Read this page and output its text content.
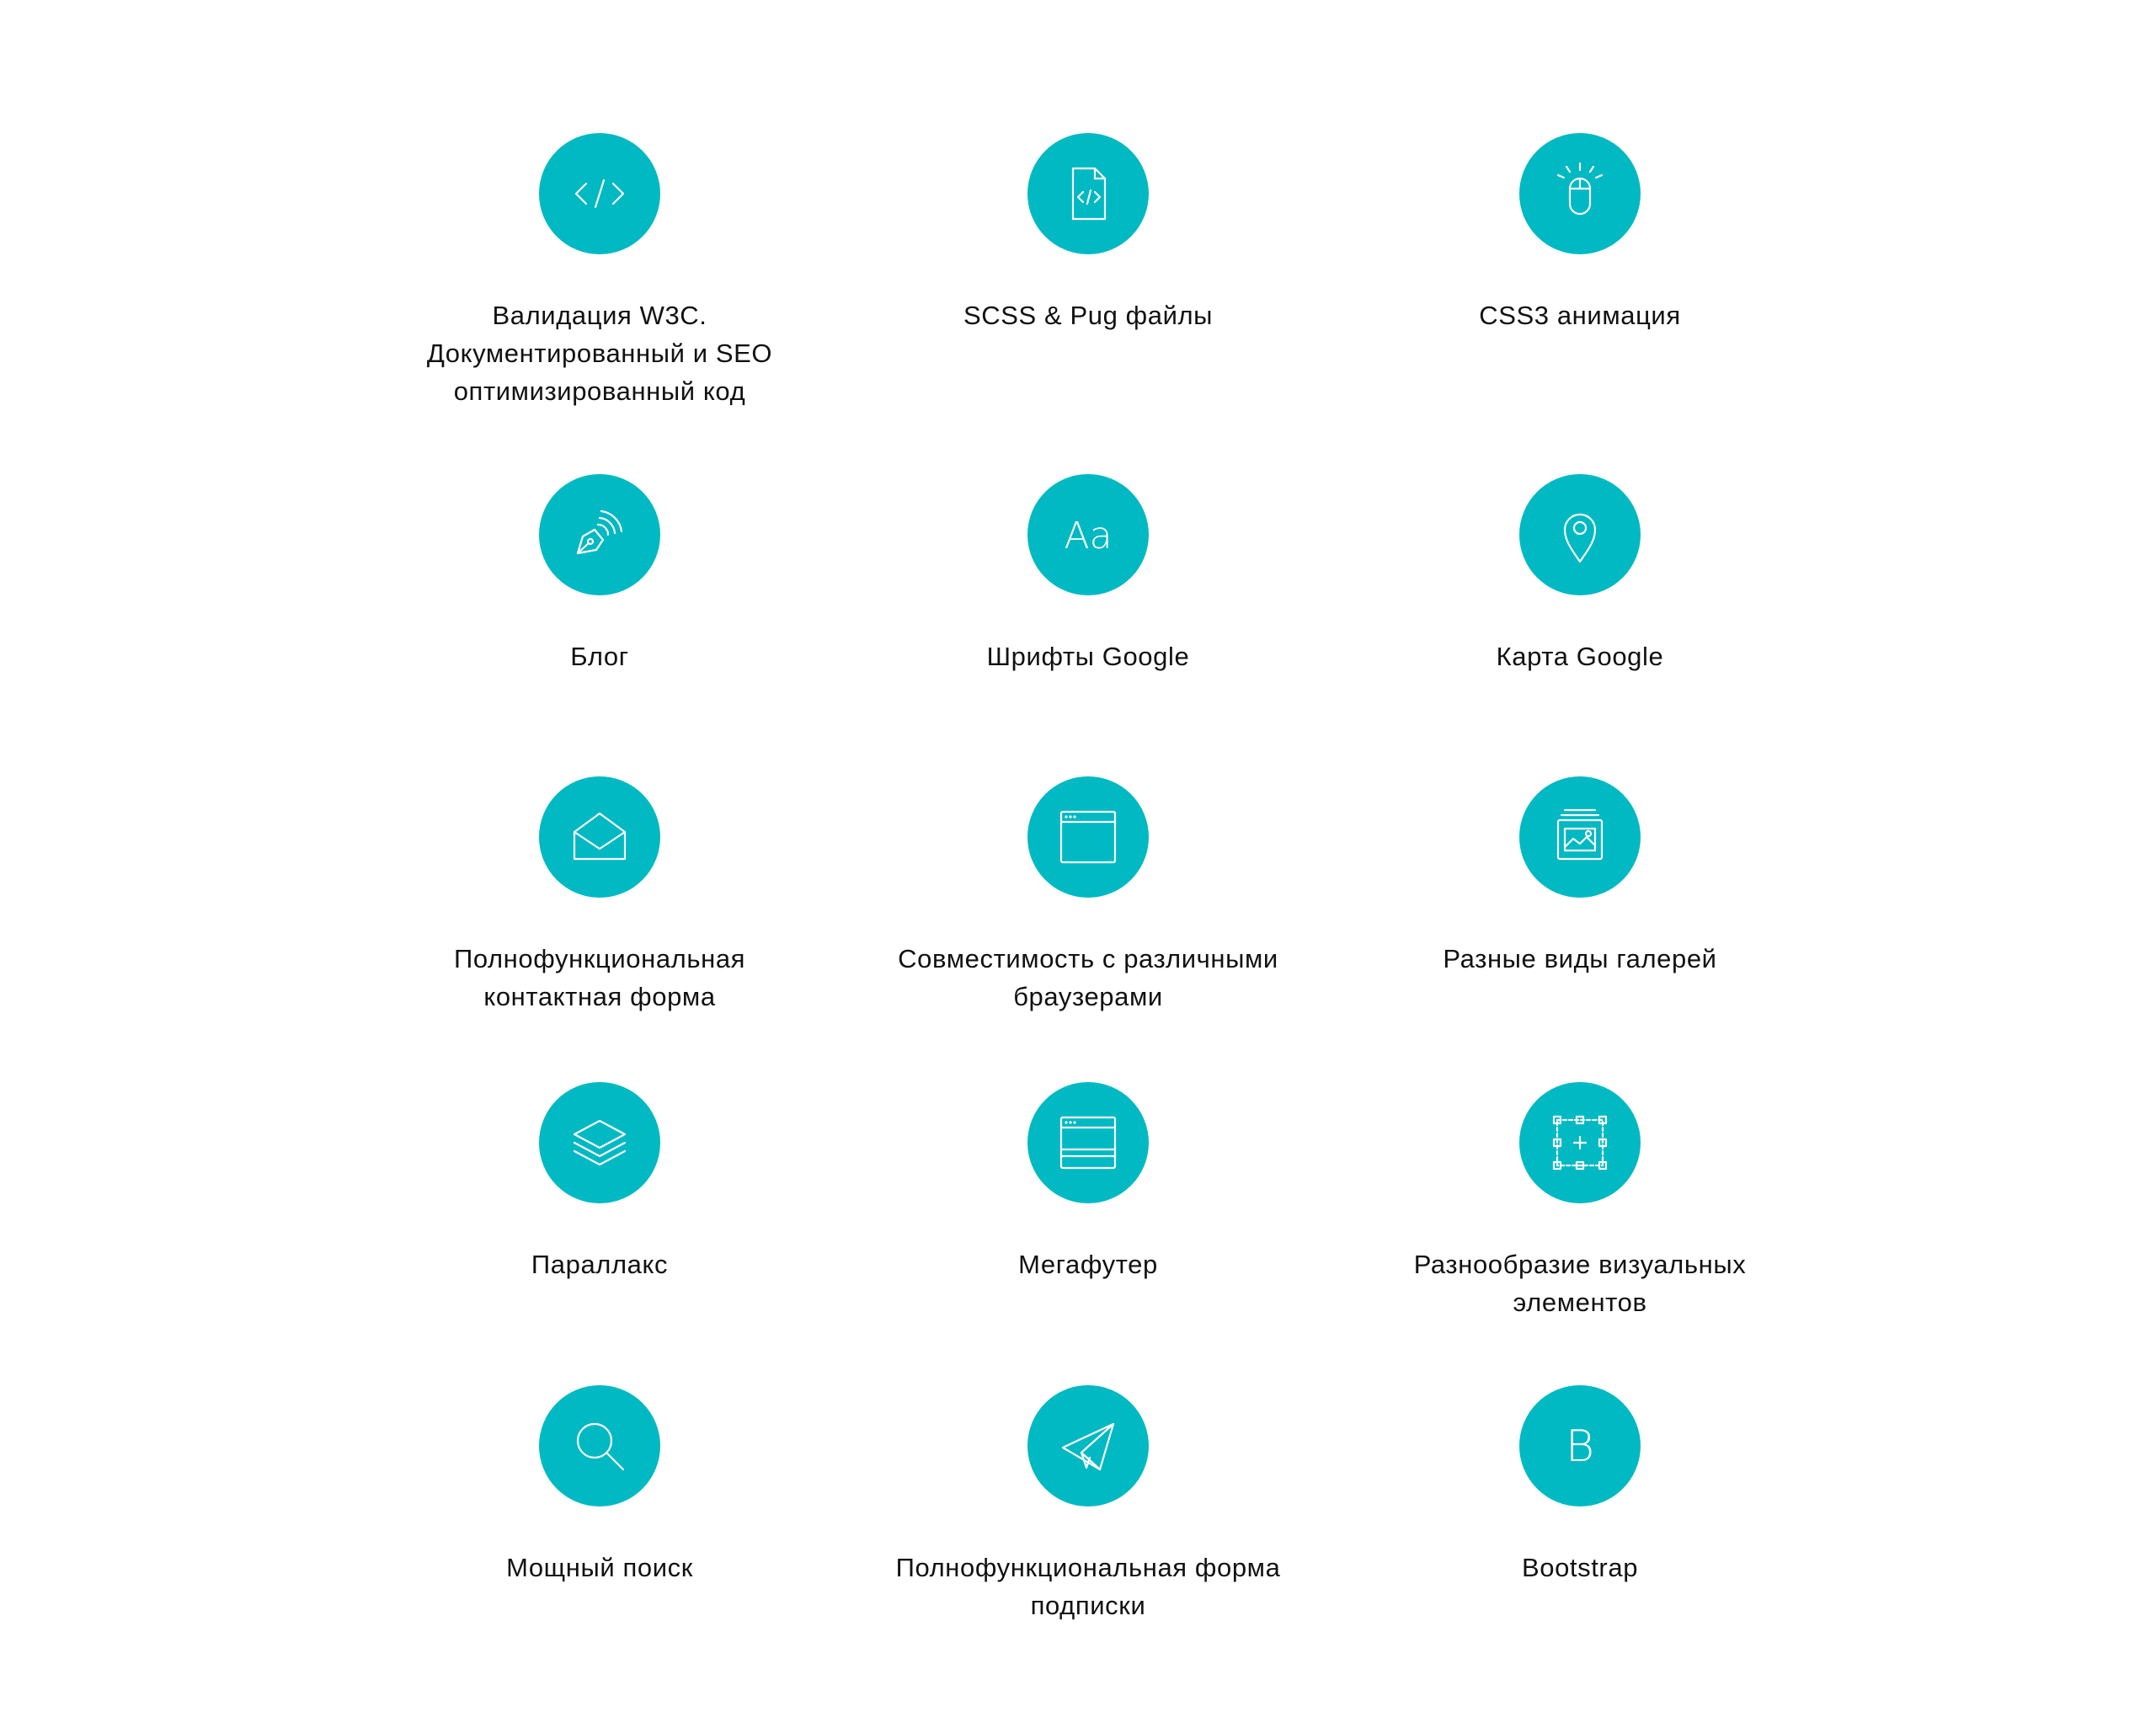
Валидация W3C. Документированный и SEO оптимизированный код
SCSS & Pug файлы	CSS3 анимация
Блог
Aa
Шрифты Google	Карта Google
Полнофункциональная контактная форма
Совместимость с различными браузерами
Разные виды галерей
Параллакс	Мегафутер	Разнообразие визуальных элементов
Мощный поиск	Полнофункциональная форма подписки
B
Bootstrap
